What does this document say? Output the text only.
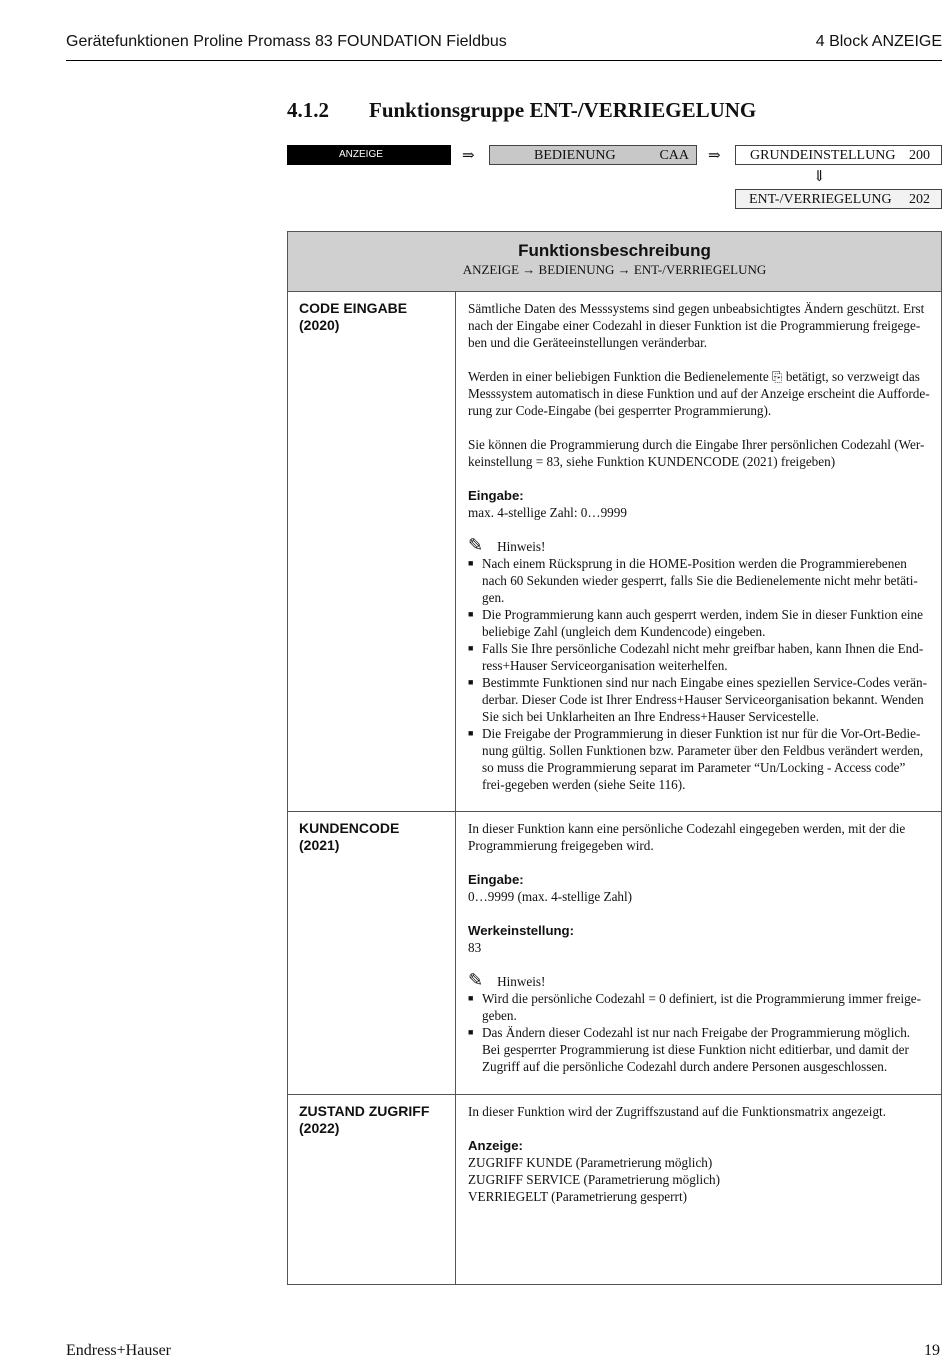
Gerätefunktionen Proline Promass 83 FOUNDATION Fieldbus	4 Block ANZEIGE
4.1.2 Funktionsgruppe ENT-/VERRIEGELUNG
ANZEIGE	⇒	BEDIENUNG	CAA ⇒ GRUNDEINSTELLUNG 200
⇓
ENT-/VERRIEGELUNG 202
Funktionsbeschreibung
ANZEIGE → BEDIENUNG → ENT-/VERRIEGELUNG
CODE EINGABE
(2020)

Sämtliche Daten des Messsystems sind gegen unbeabsichtigtes Ändern geschützt. Erst nach der Eingabe einer Codezahl in dieser Funktion ist die Programmierung freigege-ben und die Geräteeinstellungen veränderbar.

Werden in einer beliebigen Funktion die Bedienelemente ⎘ betätigt, so verzweigt das Messsystem automatisch in diese Funktion und auf der Anzeige erscheint die Aufforde-rung zur Code-Eingabe (bei gesperrter Programmierung).

Sie können die Programmierung durch die Eingabe Ihrer persönlichen Codezahl (Wer-keinstellung = 83, siehe Funktion KUNDENCODE (2021) freigeben)

Eingabe:
max. 4-stellige Zahl: 0…9999

✎ Hinweis!
■ Nach einem Rücksprung in die HOME-Position werden die Programmierebenen nach 60 Sekunden wieder gesperrt, falls Sie die Bedienelemente nicht mehr betäti-gen.
■ Die Programmierung kann auch gesperrt werden, indem Sie in dieser Funktion eine beliebige Zahl (ungleich dem Kundencode) eingeben.
■ Falls Sie Ihre persönliche Codezahl nicht mehr greifbar haben, kann Ihnen die End-ress+Hauser Serviceorganisation weiterhelfen.
■ Bestimmte Funktionen sind nur nach Eingabe eines speziellen Service-Codes verän-derbar. Dieser Code ist Ihrer Endress+Hauser Serviceorganisation bekannt. Wenden Sie sich bei Unklarheiten an Ihre Endress+Hauser Servicestelle.
■ Die Freigabe der Programmierung in dieser Funktion ist nur für die Vor-Ort-Bedie-nung gültig. Sollen Funktionen bzw. Parameter über den Feldbus verändert werden, so muss die Programmierung separat im Parameter “Un/Locking - Access code” frei-gegeben werden (siehe Seite 116).
KUNDENCODE
(2021)

In dieser Funktion kann eine persönliche Codezahl eingegeben werden, mit der die Programmierung freigegeben wird.

Eingabe:
0…9999 (max. 4-stellige Zahl)

Werkeinstellung:
83

✎ Hinweis!
■ Wird die persönliche Codezahl = 0 definiert, ist die Programmierung immer freige-geben.
■ Das Ändern dieser Codezahl ist nur nach Freigabe der Programmierung möglich. Bei gesperrter Programmierung ist diese Funktion nicht editierbar, und damit der Zugriff auf die persönliche Codezahl durch andere Personen ausgeschlossen.
ZUSTAND ZUGRIFF
(2022)

In dieser Funktion wird der Zugriffszustand auf die Funktionsmatrix angezeigt.

Anzeige:
ZUGRIFF KUNDE (Parametrierung möglich)
ZUGRIFF SERVICE (Parametrierung möglich)
VERRIEGELT (Parametrierung gesperrt)
Endress+Hauser	19
